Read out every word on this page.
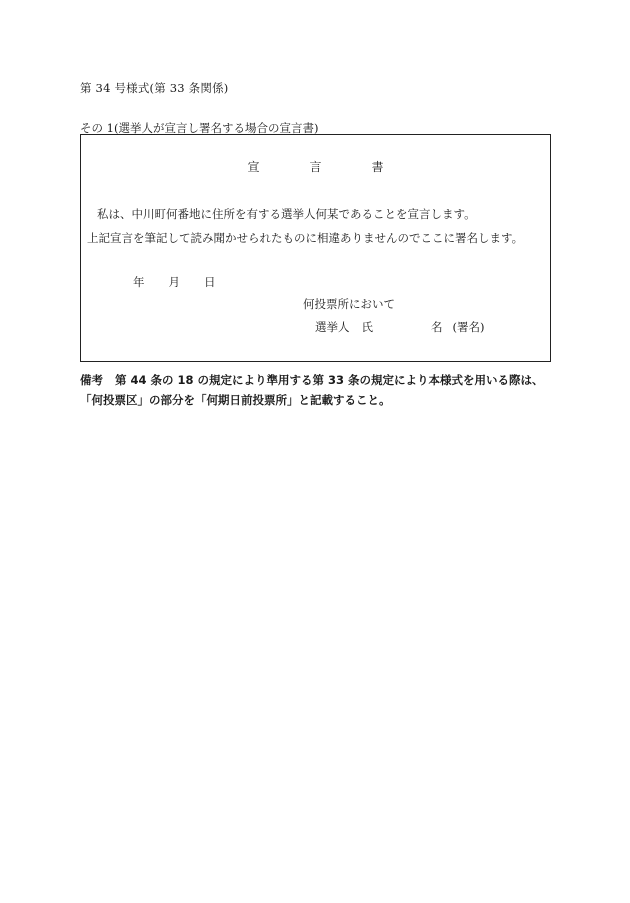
第 34 号様式(第 33 条関係)
その 1(選挙人が宣言し署名する場合の宣言書)
宣	言	書
私は、中川町何番地に住所を有する選挙人何某であることを宣言します。
上記宣言を筆記して読み聞かせられたものに相違ありませんのでここに署名します。
年 月 日
何投票所において
選挙人 氏	名 (署名)
備考 第 44 条の 18 の規定により準用する第 33 条の規定により本様式を用いる際は、「何投票区」の部分を「何期日前投票所」と記載すること。
